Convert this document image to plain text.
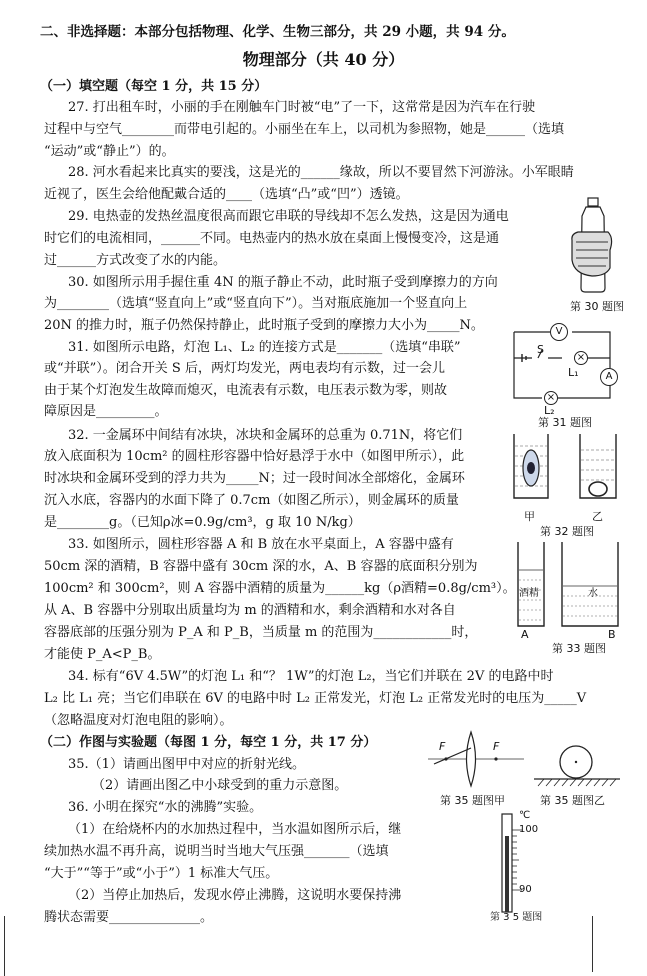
二、非选择题：本部分包括物理、化学、生物三部分，共 29 小题，共 94 分。
物理部分（共 40 分）
（一）填空题（每空 1 分，共 15 分）
27. 打出租车时，小丽的手在刚触车门时被“电”了一下，这常常是因为汽车在行驶
过程中与空气________而带电引起的。小丽坐在车上，以司机为参照物，她是______（选填
“运动”或“静止”）的。
28. 河水看起来比真实的要浅，这是光的______缘故，所以不要冒然下河游泳。小军眼睛
近视了，医生会给他配戴合适的____（选填“凸”或“凹”）透镜。
29. 电热壶的发热丝温度很高而跟它串联的导线却不怎么发热，这是因为通电
时它们的电流相同，______不同。电热壶内的热水放在桌面上慢慢变冷，这是通
过______方式改变了水的内能。
30. 如图所示用手握住重 4N 的瓶子静止不动，此时瓶子受到摩擦力的方向
为________（选填“竖直向上”或“竖直向下”）。当对瓶底施加一个竖直向上
20N 的推力时，瓶子仍然保持静止，此时瓶子受到的摩擦力大小为_____N。
31. 如图所示电路，灯泡 L₁、L₂ 的连接方式是_______（选填“串联”
或“并联”）。闭合开关 S 后，两灯均发光，两电表均有示数，过一会儿
由于某个灯泡发生故障而熄灭，电流表有示数，电压表示数为零，则故
障原因是_________。
32. 一金属环中间结有冰块，冰块和金属环的总重为 0.71N，将它们
放入底面积为 10cm² 的圆柱形容器中恰好悬浮于水中（如图甲所示），此
时冰块和金属环受到的浮力共为_____N；过一段时间冰全部熔化，金属环
沉入水底，容器内的水面下降了 0.7cm（如图乙所示），则金属环的质量
是________g。（已知ρ冰=0.9g/cm³，g 取 10 N/kg）
33. 如图所示，圆柱形容器 A 和 B 放在水平桌面上，A 容器中盛有
50cm 深的酒精，B 容器中盛有 30cm 深的水，A、B 容器的底面积分别为
100cm² 和 300cm²，则 A 容器中酒精的质量为______kg（ρ酒精=0.8g/cm³）。
从 A、B 容器中分别取出质量均为 m 的酒精和水，剩余酒精和水对各自
容器底部的压强分别为 P_A 和 P_B，当质量 m 的范围为____________时，
才能使 P_A<P_B。
34. 标有“6V 4.5W”的灯泡 L₁ 和“？ 1W”的灯泡 L₂，当它们并联在 2V 的电路中时
L₂ 比 L₁ 亮；当它们串联在 6V 的电路中时 L₂ 正常发光，灯泡 L₂ 正常发光时的电压为_____V
（忽略温度对灯泡电阻的影响）。
（二）作图与实验题（每图 1 分，每空 1 分，共 17 分）
35.（1）请画出图甲中对应的折射光线。
（2）请画出图乙中小球受到的重力示意图。
36. 小明在探究“水的沸腾”实验。
（1）在给烧杯内的水加热过程中，当水温如图所示后，继
续加热水温不再升高，说明当时当地大气压强_______（选填
“大于”“等于”或“小于”）1 标准大气压。
（2）当停止加热后，发现水停止沸腾，这说明水要保持沸
腾状态需要______________。
第 30 题图
V
A
×
×
S
L₁
L₂
第 31 题图
甲	乙
第 32 题图
酒精	水
A	B
第 33 题图
F	F
第 35 题图甲	第 35 题图乙
℃
100
90
第 3 5 题图
